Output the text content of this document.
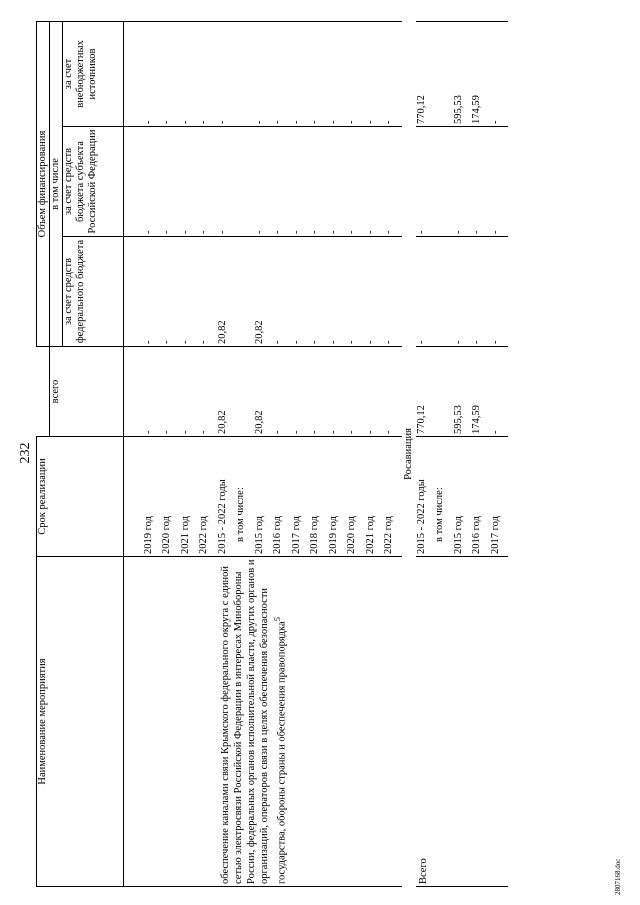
232
Наименование мероприятия	Срок реализации		Объем финансирования		
		всего	в том числе		
			за счет средств федерального бюджета	за счет средств бюджета субъекта Российской Федерации	за счет внебюджетных источников

	2019 год	-	-	-	-
	2020 год	-	-	-	-
	2021 год	-	-	-	-
	2022 год	-	-	-	-
обеспечение каналами связи Крымского федерального округа с единой сетью электросвязи Российской Федерации в интересах Минобороны России, федеральных органов исполнительной власти, других органов и организаций, операторов связи в целях обеспечения безопасности государства, обороны страны и обеспечения правопорядка$^5$	2015 - 2022 годы	20,82	20,82	-	-
	в том числе:				
	2015 год	20,82	20,82	-	-
	2016 год	-	-	-	-
	2017 год	-	-	-	-
	2018 год	-	-	-	-
	2019 год	-	-	-	-
	2020 год	-	-	-	-
	2021 год	-	-	-	-
	2022 год	-	-	-	-
Росавиация					
Всего	2015 - 2022 годы	770,12	-	-	770,12
	в том числе:				
	2015 год	595,53	-	-	595,53
	2016 год	174,59	-	-	174,59
	2017 год	-	-	-	-
2807168.doc
